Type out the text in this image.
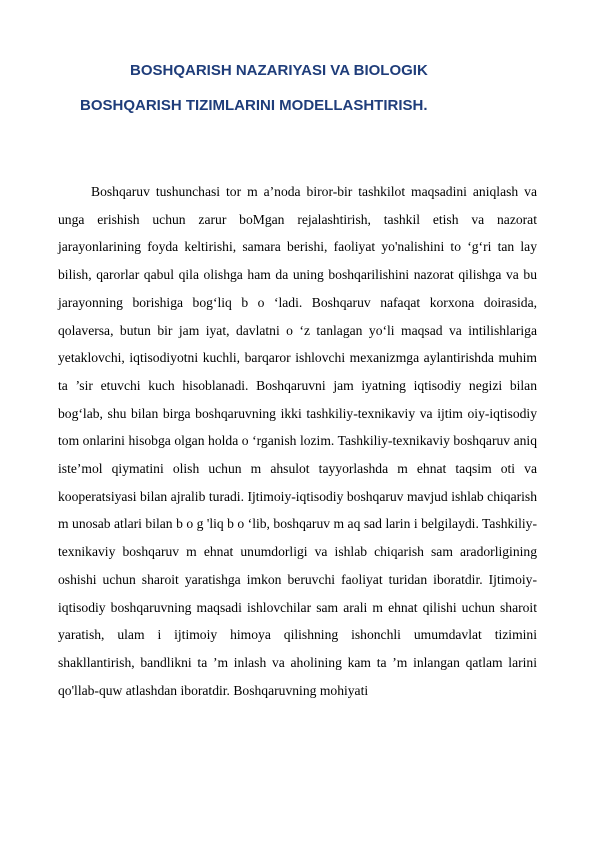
BOSHQARISH NAZARIYASI VA BIOLOGIK
BOSHQARISH TIZIMLARINI MODELLASHTIRISH.

Boshqaruv tushunchasi tor m a’noda biror-bir tashkilot maqsadini aniqlash va unga erishish uchun zarur boMgan rejalashtirish, tashkil etish va nazorat jarayonlarining foyda keltirishi, samara berishi, faoliyat yo'nalishini to ‘g‘ri tan lay bilish, qarorlar qabul qila olishga ham da uning boshqarilishini nazorat qilishga va bu jarayonning borishiga bog‘liq b o ‘ladi. Boshqaruv nafaqat korxona doirasida, qolaversa, butun bir jam iyat, davlatni o ‘z tanlagan yo‘li maqsad va intilishlariga yetaklovchi, iqtisodiyotni kuchli, barqaror ishlovchi mexanizmga aylantirishda muhim ta ’sir etuvchi kuch hisoblanadi. Boshqaruvni jam iyatning iqtisodiy negizi bilan bog‘lab, shu bilan birga boshqaruvning ikki tashkiliy-texnikaviy va ijtim oiy-iqtisodiy tom onlarini hisobga olgan holda o ‘rganish lozim. Tashkiliy-texnikaviy boshqaruv aniq iste’mol qiymatini olish uchun m ahsulot tayyorlashda m ehnat taqsim oti va kooperatsiyasi bilan ajralib turadi. Ijtimoiy-iqtisodiy boshqaruv mavjud ishlab chiqarish m unosab atlari bilan b o g 'liq b o ‘lib, boshqaruv m aq sad larin i belgilaydi. Tashkiliy-texnikaviy boshqaruv m ehnat unumdorligi va ishlab chiqarish sam aradorligining oshishi uchun sharoit yaratishga imkon beruvchi faoliyat turidan iboratdir. Ijtimoiy-iqtisodiy boshqaruvning maqsadi ishlovchilar sam arali m ehnat qilishi uchun sharoit yaratish, ulam i ijtimoiy himoya qilishning ishonchli umumdavlat tizimini shakllantirish, bandlikni ta ’m inlash va aholining kam ta ’m inlangan qatlam larini qo'llab-quw atlashdan iboratdir. Boshqaruvning mohiyati
